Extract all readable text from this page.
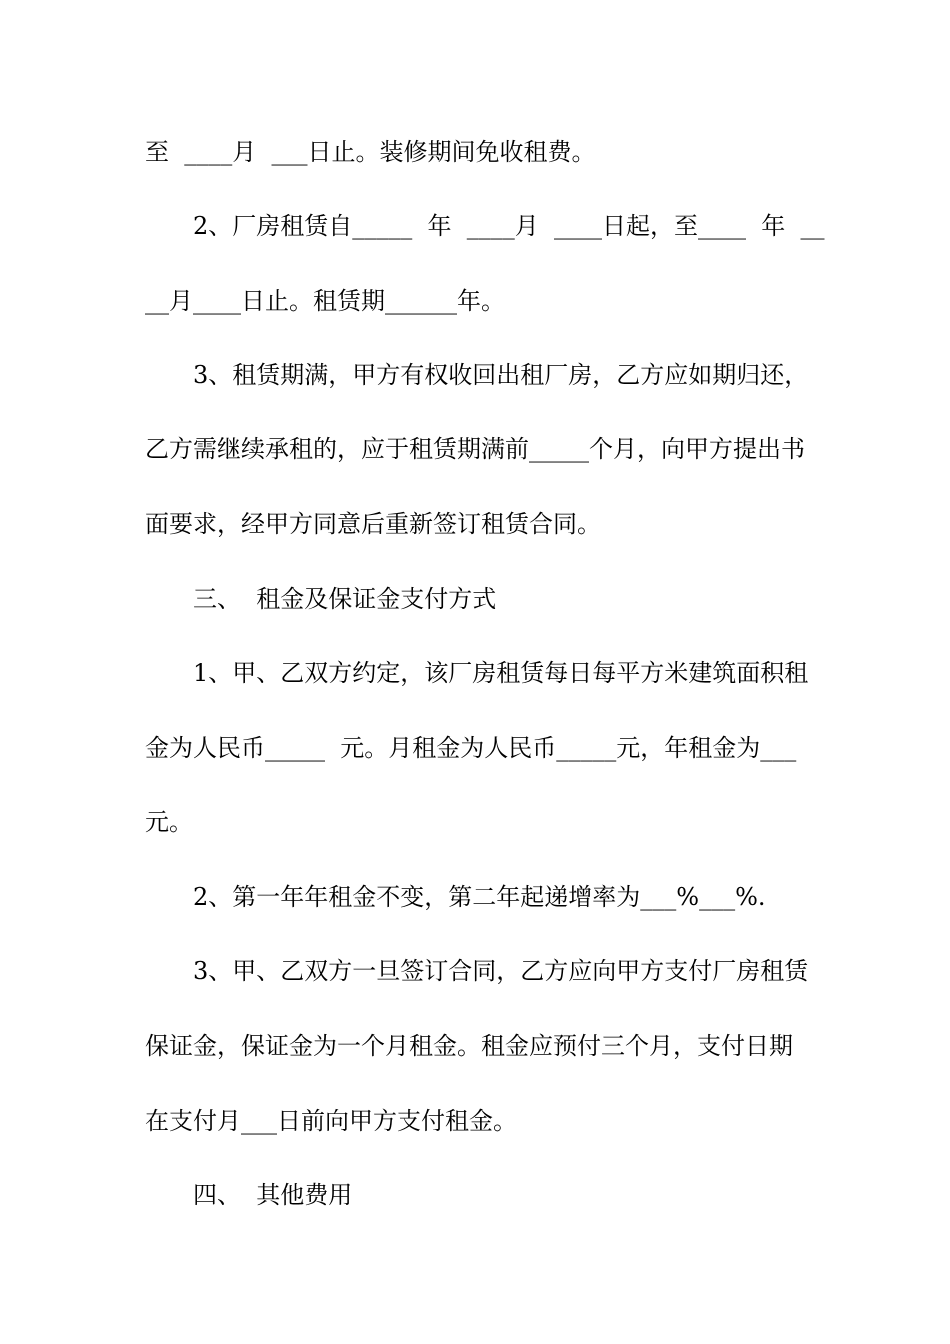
至  ____月  ___日止。装修期间免收租费。
2、厂房租赁自_____  年  ____月  ____日起，至____  年  __
__月____日止。租赁期______年。
3、租赁期满，甲方有权收回出租厂房，乙方应如期归还，
乙方需继续承租的，应于租赁期满前_____个月，向甲方提出书
面要求，经甲方同意后重新签订租赁合同。
三、  租金及保证金支付方式
1、甲、乙双方约定，该厂房租赁每日每平方米建筑面积租
金为人民币_____  元。月租金为人民币_____元，年租金为___
元。
2、第一年年租金不变，第二年起递增率为___%___%.
3、甲、乙双方一旦签订合同，乙方应向甲方支付厂房租赁
保证金，保证金为一个月租金。租金应预付三个月，支付日期
在支付月___日前向甲方支付租金。
四、  其他费用
